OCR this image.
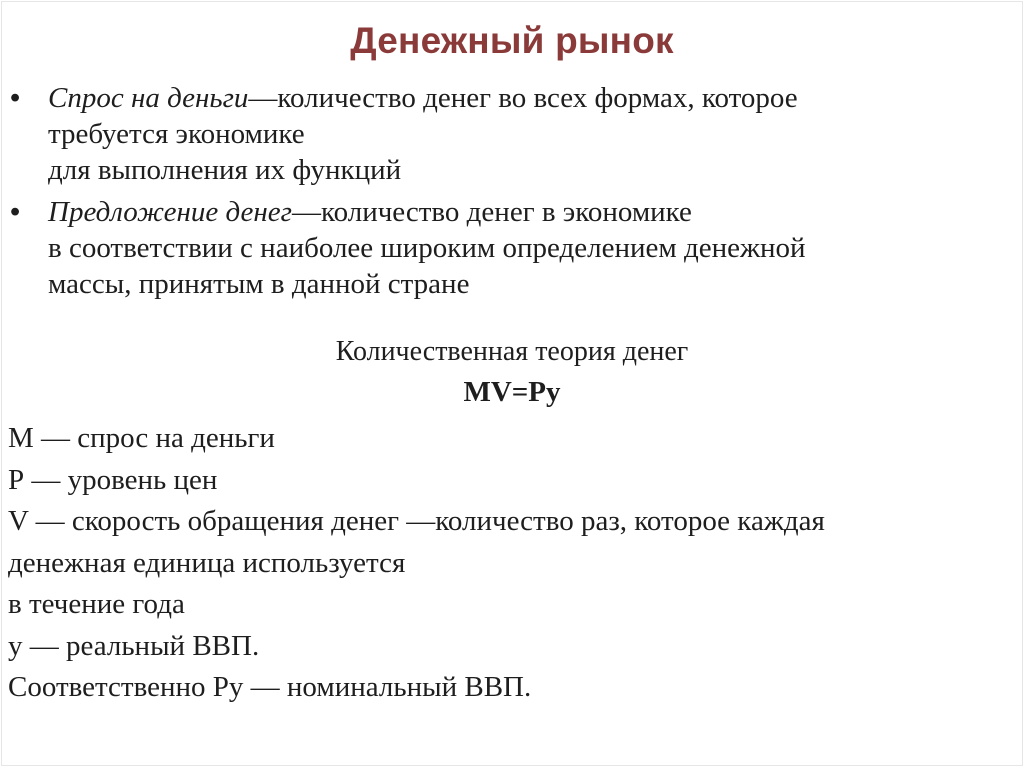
Денежный рынок
• Спрос на деньги—количество денег во всех формах, которое
требуется экономике
для выполнения их функций
• Предложение денег—количество денег в экономике
в соответствии с наиболее широким определением денежной
массы, принятым в данной стране
Количественная теория денег
MV=Py
М — спрос на деньги
Р — уровень цен
V — скорость обращения денег —количество раз, которое каждая
денежная единица используется
в течение года
у — реальный ВВП.
Соответственно Ру — номинальный ВВП.
